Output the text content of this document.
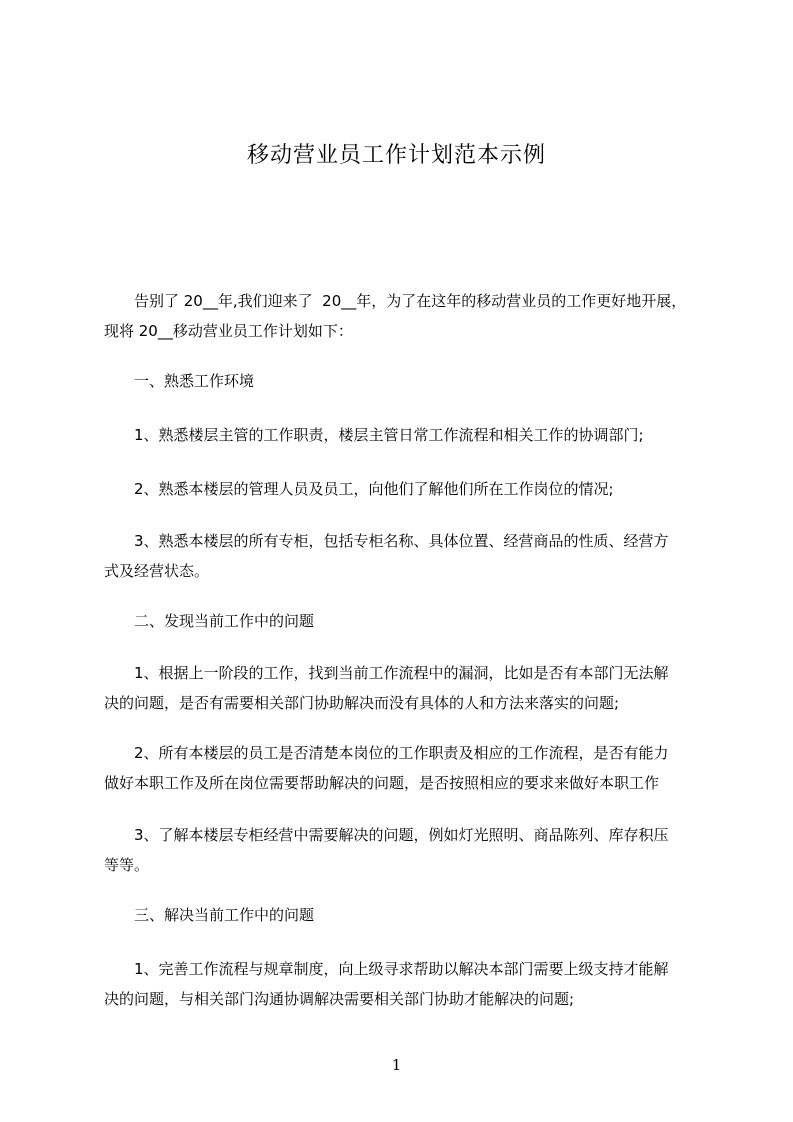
移动营业员工作计划范本示例
　　告别了 20__年,我们迎来了  20__年，为了在这年的移动营业员的工作更好地开展，
现将 20__移动营业员工作计划如下：
　　一、熟悉工作环境
　　1、熟悉楼层主管的工作职责，楼层主管日常工作流程和相关工作的协调部门;
　　2、熟悉本楼层的管理人员及员工，向他们了解他们所在工作岗位的情况;
　　3、熟悉本楼层的所有专柜，包括专柜名称、具体位置、经营商品的性质、经营方
式及经营状态。
　　二、发现当前工作中的问题
　　1、根据上一阶段的工作，找到当前工作流程中的漏洞，比如是否有本部门无法解
决的问题，是否有需要相关部门协助解决而没有具体的人和方法来落实的问题;
　　2、所有本楼层的员工是否清楚本岗位的工作职责及相应的工作流程，是否有能力
做好本职工作及所在岗位需要帮助解决的问题，是否按照相应的要求来做好本职工作
　　3、了解本楼层专柜经营中需要解决的问题，例如灯光照明、商品陈列、库存积压
等等。
　　三、解决当前工作中的问题
　　1、完善工作流程与规章制度，向上级寻求帮助以解决本部门需要上级支持才能解
决的问题，与相关部门沟通协调解决需要相关部门协助才能解决的问题;
1
